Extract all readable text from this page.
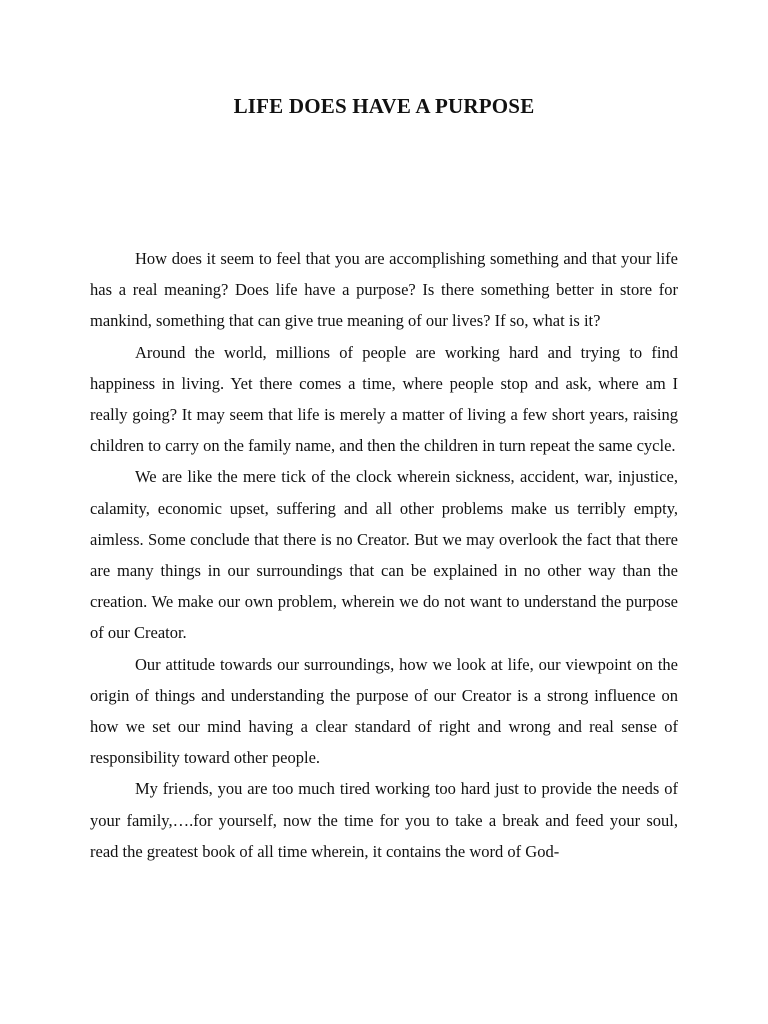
LIFE DOES HAVE A PURPOSE

How does it seem to feel that you are accomplishing something and that your life has a real meaning? Does life have a purpose? Is there something better in store for mankind, something that can give true meaning of our lives? If so, what is it?

Around the world, millions of people are working hard and trying to find happiness in living. Yet there comes a time, where people stop and ask, where am I really going? It may seem that life is merely a matter of living a few short years, raising children to carry on the family name, and then the children in turn repeat the same cycle.

We are like the mere tick of the clock wherein sickness, accident, war, injustice, calamity, economic upset, suffering and all other problems make us terribly empty, aimless. Some conclude that there is no Creator. But we may overlook the fact that there are many things in our surroundings that can be explained in no other way than the creation. We make our own problem, wherein we do not want to understand the purpose of our Creator.

Our attitude towards our surroundings, how we look at life, our viewpoint on the origin of things and understanding the purpose of our Creator is a strong influence on how we set our mind having a clear standard of right and wrong and real sense of responsibility toward other people.

My friends, you are too much tired working too hard just to provide the needs of your family,….for yourself, now the time for you to take a break and feed your soul, read the greatest book of all time wherein, it contains the word of God-
